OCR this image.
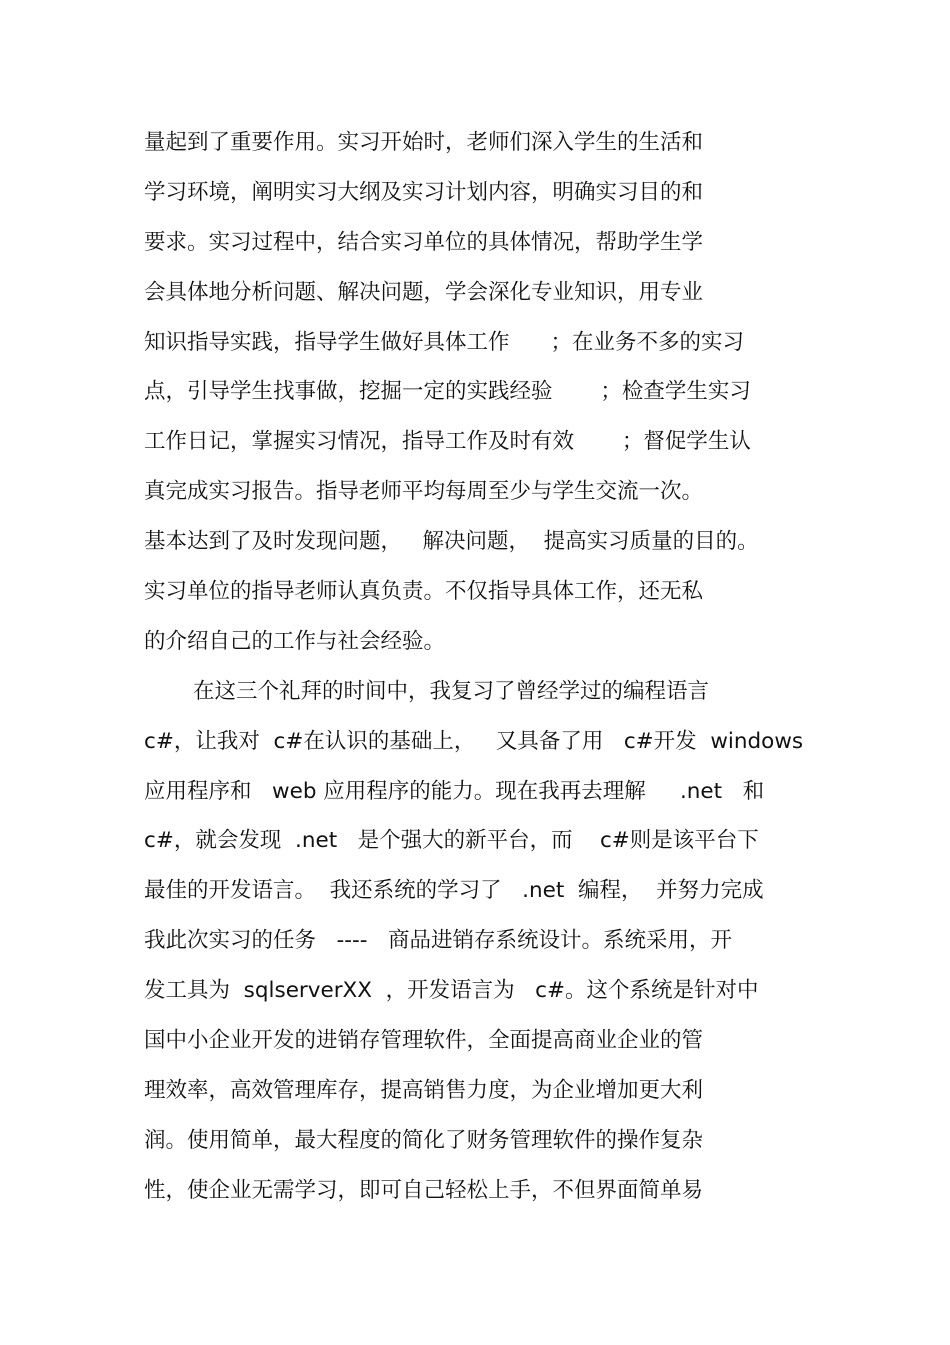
量起到了重要作用。实习开始时，老师们深入学生的生活和
学习环境，阐明实习大纲及实习计划内容，明确实习目的和
要求。实习过程中，结合实习单位的具体情况，帮助学生学
会具体地分析问题、解决问题，学会深化专业知识，用专业
知识指导实践，指导学生做好具体工作      ；在业务不多的实习
点，引导学生找事做，挖掘一定的实践经验       ；检查学生实习
工作日记，掌握实习情况，指导工作及时有效       ；督促学生认
真完成实习报告。指导老师平均每周至少与学生交流一次。
基本达到了及时发现问题，   解决问题，  提高实习质量的目的。
实习单位的指导老师认真负责。不仅指导具体工作，还无私
的介绍自己的工作与社会经验。
在这三个礼拜的时间中，我复习了曾经学过的编程语言
c#，让我对  c#在认识的基础上，   又具备了用   c#开发  windows
应用程序和   web 应用程序的能力。现在我再去理解     .net   和
c#，就会发现  .net   是个强大的新平台，而    c#则是该平台下
最佳的开发语言。  我还系统的学习了   .net  编程，  并努力完成
我此次实习的任务   ----   商品进销存系统设计。系统采用，开
发工具为  sqlserverXX  ，开发语言为   c#。这个系统是针对中
国中小企业开发的进销存管理软件，全面提高商业企业的管
理效率，高效管理库存，提高销售力度，为企业增加更大利
润。使用简单，最大程度的简化了财务管理软件的操作复杂
性，使企业无需学习，即可自己轻松上手，不但界面简单易
